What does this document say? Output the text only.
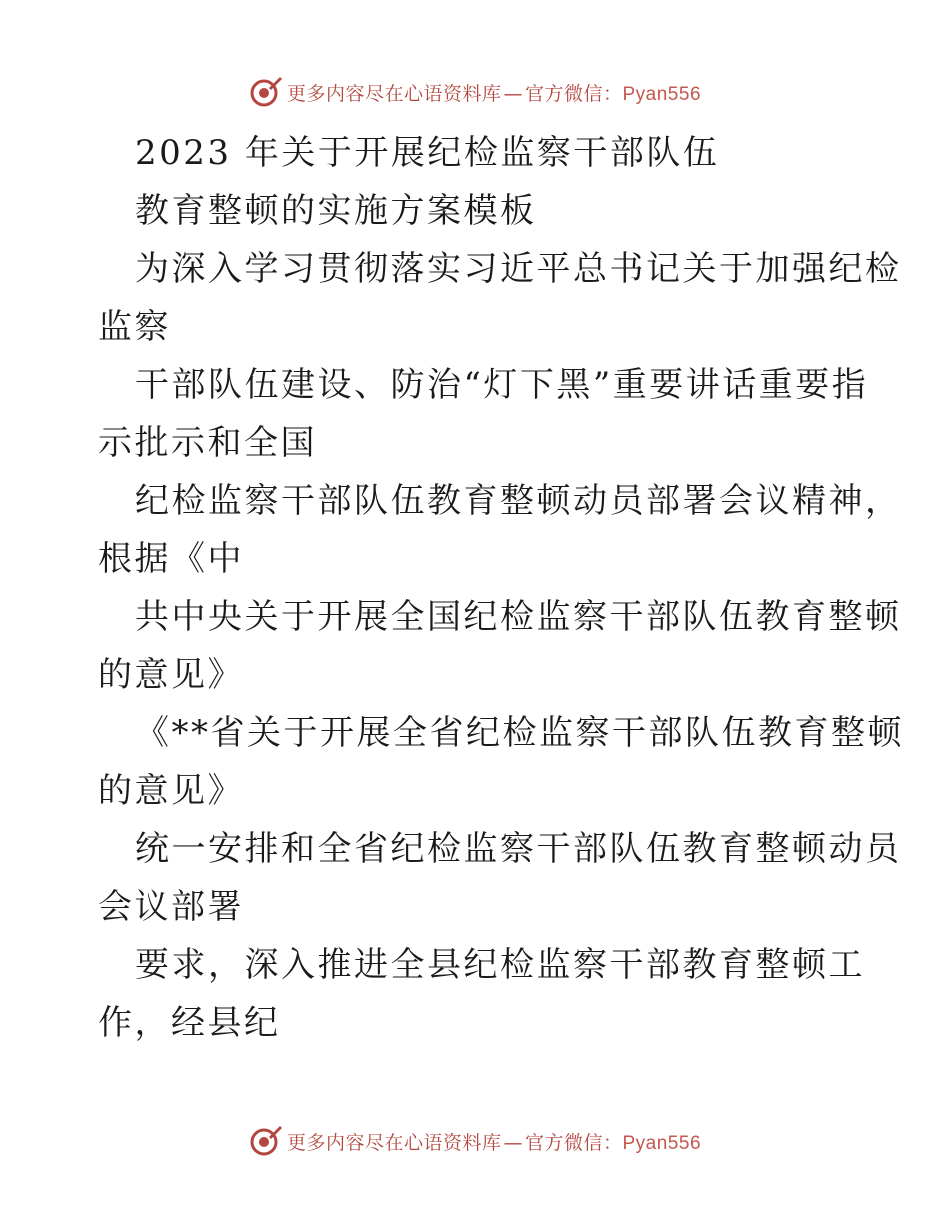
更多内容尽在心语资料库 — 官方微信：Pyan556
2023 年关于开展纪检监察干部队伍
教育整顿的实施方案模板
为深入学习贯彻落实习近平总书记关于加强纪检
监察
干部队伍建设、防治“灯下黑”重要讲话重要指
示批示和全国
纪检监察干部队伍教育整顿动员部署会议精神，
根据《中
共中央关于开展全国纪检监察干部队伍教育整顿
的意见》
《**省关于开展全省纪检监察干部队伍教育整顿
的意见》
统一安排和全省纪检监察干部队伍教育整顿动员
会议部署
要求，深入推进全县纪检监察干部教育整顿工
作，经县纪
更多内容尽在心语资料库 — 官方微信：Pyan556
